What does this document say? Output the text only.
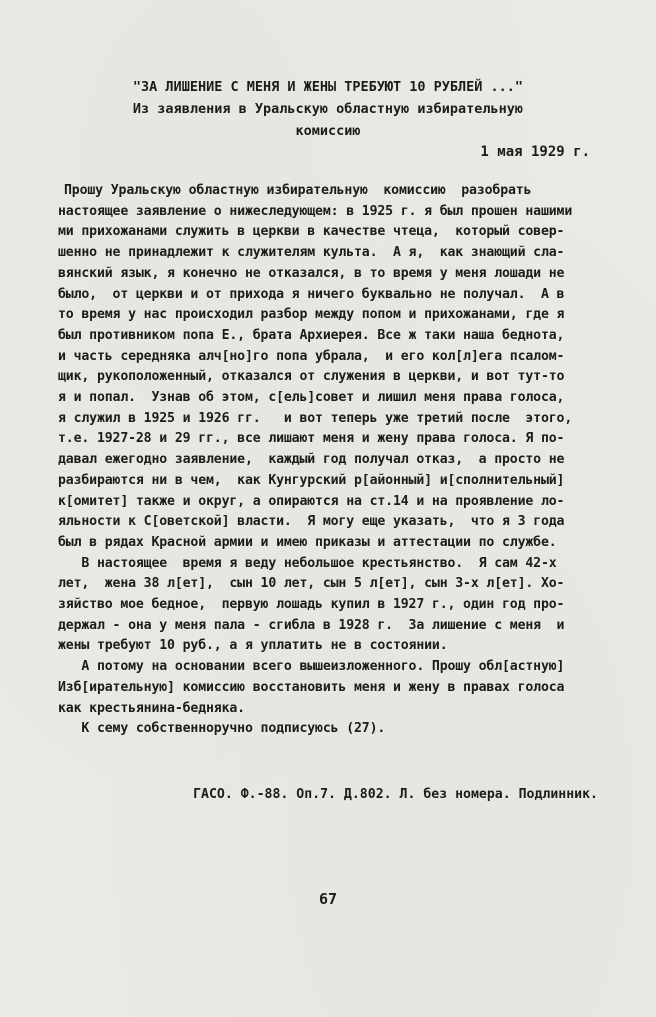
"ЗА ЛИШЕНИЕ С МЕНЯ И ЖЕНЫ ТРЕБУЮТ 10 РУБЛЕЙ ..."
Из заявления в Уральскую областную избирательную
комиссию
1 мая 1929 г.
Прошу Уральскую областную избирательную  комиссию  разобрать
настоящее заявление о нижеследующем: в 1925 г. я был прошен нашими
ми прихожанами служить в церкви в качестве чтеца,  который совер-
шенно не принадлежит к служителям культа.  А я,  как знающий сла-
вянский язык, я конечно не отказался, в то время у меня лошади не
было,  от церкви и от прихода я ничего буквально не получал.  А в
то время у нас происходил разбор между попом и прихожанами, где я
был противником попа Е., брата Архиерея. Все ж таки наша беднота,
и часть середняка алч[но]го попа убрала,  и его кол[л]ега псалом-
щик, рукоположенный, отказался от служения в церкви, и вот тут-то
я и попал.  Узнав об этом, с[ель]совет и лишил меня права голоса,
я служил в 1925 и 1926 гг.   и вот теперь уже третий после  этого,
т.е. 1927-28 и 29 гг., все лишают меня и жену права голоса. Я по-
давал ежегодно заявление,  каждый год получал отказ,  а просто не
разбираются ни в чем,  как Кунгурский р[айонный] и[сполнительный]
к[омитет] также и округ, а опираются на ст.14 и на проявление ло-
яльности к С[оветской] власти.  Я могу еще указать,  что я 3 года
был в рядах Красной армии и имею приказы и аттестации по службе.
В настоящее  время я веду небольшое крестьянство.  Я сам 42-х
лет,  жена 38 л[ет],  сын 10 лет, сын 5 л[ет], сын 3-х л[ет]. Хо-
зяйство мое бедное,  первую лошадь купил в 1927 г., один год про-
держал - она у меня пала - сгибла в 1928 г.  За лишение с меня  и
жены требуют 10 руб., а я уплатить не в состоянии.
А потому на основании всего вышеизложенного. Прошу обл[астную]
Изб[ирательную] комиссию восстановить меня и жену в правах голоса
как крестьянина-бедняка.
К сему собственноручно подписуюсь (27).
ГАСО. Ф.-88. Оп.7. Д.802. Л. без номера. Подлинник.
67
